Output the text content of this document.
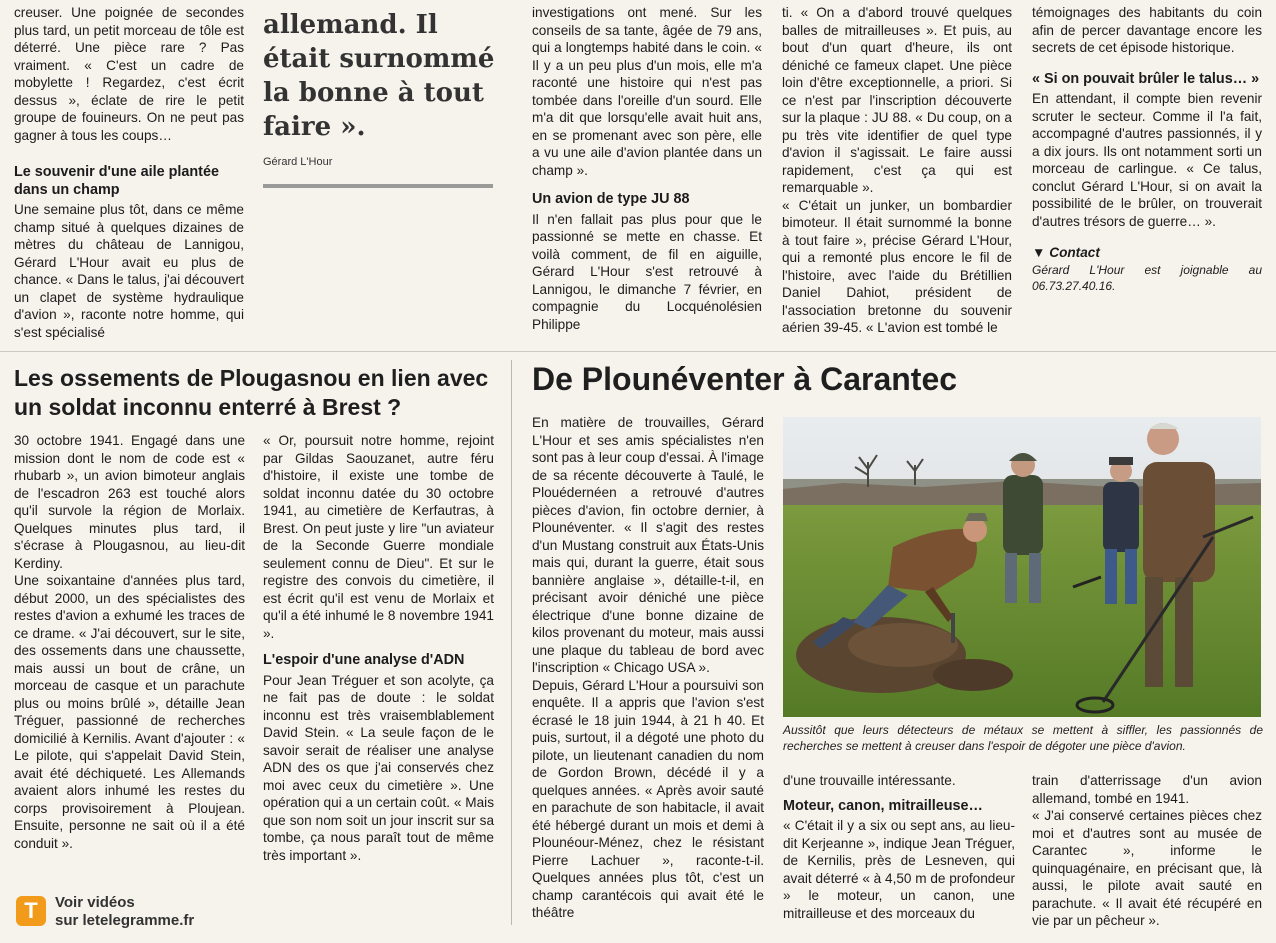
creuser. Une poignée de secondes plus tard, un petit morceau de tôle est déterré. Une pièce rare ? Pas vraiment. « C'est un cadre de mobylette ! Regardez, c'est écrit dessus », éclate de rire le petit groupe de fouineurs. On ne peut pas gagner à tous les coups…

Le souvenir d'une aile plantée dans un champ

Une semaine plus tôt, dans ce même champ situé à quelques dizaines de mètres du château de Lannigou, Gérard L'Hour avait eu plus de chance. « Dans le talus, j'ai découvert un clapet de système hydraulique d'avion », raconte notre homme, qui s'est spécialisé

allemand. Il était surnommé la bonne à tout faire ».
Gérard L'Hour

investigations ont mené. Sur les conseils de sa tante, âgée de 79 ans, qui a longtemps habité dans le coin. « Il y a un peu plus d'un mois, elle m'a raconté une histoire qui n'est pas tombée dans l'oreille d'un sourd. Elle m'a dit que lorsqu'elle avait huit ans, en se promenant avec son père, elle a vu une aile d'avion plantée dans un champ ».

Un avion de type JU 88

Il n'en fallait pas plus pour que le passionné se mette en chasse. Et voilà comment, de fil en aiguille, Gérard L'Hour s'est retrouvé à Lannigou, le dimanche 7 février, en compagnie du Locquénolésien Philippe

ti. « On a d'abord trouvé quelques balles de mitrailleuses ». Et puis, au bout d'un quart d'heure, ils ont déniché ce fameux clapet. Une pièce loin d'être exceptionnelle, a priori. Si ce n'est par l'inscription découverte sur la plaque : JU 88. « Du coup, on a pu très vite identifier de quel type d'avion il s'agissait. Le faire aussi rapidement, c'est ça qui est remarquable ».

« C'était un junker, un bombardier bimoteur. Il était surnommé la bonne à tout faire », précise Gérard L'Hour, qui a remonté plus encore le fil de l'histoire, avec l'aide du Brétillien Daniel Dahiot, président de l'association bretonne du souvenir aérien 39-45. « L'avion est tombé le

témoignages des habitants du coin afin de percer davantage encore les secrets de cet épisode historique.

« Si on pouvait brûler le talus… »

En attendant, il compte bien revenir scruter le secteur. Comme il l'a fait, accompagné d'autres passionnés, il y a dix jours. Ils ont notamment sorti un morceau de carlingue. « Ce talus, conclut Gérard L'Hour, si on avait la possibilité de le brûler, on trouverait d'autres trésors de guerre… ».

▼ Contact
Gérard L'Hour est joignable au 06.73.27.40.16.
Les ossements de Plougasnou en lien avec un soldat inconnu enterré à Brest ?

30 octobre 1941. Engagé dans une mission dont le nom de code est « rhubarb », un avion bimoteur anglais de l'escadron 263 est touché alors qu'il survole la région de Morlaix. Quelques minutes plus tard, il s'écrase à Plougasnou, au lieu-dit Kerdiny.

Une soixantaine d'années plus tard, début 2000, un des spécialistes des restes d'avion a exhumé les traces de ce drame. « J'ai découvert, sur le site, des ossements dans une chaussette, mais aussi un bout de crâne, un morceau de casque et un parachute plus ou moins brûlé », détaille Jean Tréguer, passionné de recherches domicilié à Kernilis. Avant d'ajouter : « Le pilote, qui s'appelait David Stein, avait été déchiqueté. Les Allemands avaient alors inhumé les restes du corps provisoirement à Ploujean. Ensuite, personne ne sait où il a été conduit ».

« Or, poursuit notre homme, rejoint par Gildas Saouzanet, autre féru d'histoire, il existe une tombe de soldat inconnu datée du 30 octobre 1941, au cimetière de Kerfautras, à Brest. On peut juste y lire "un aviateur de la Seconde Guerre mondiale seulement connu de Dieu". Et sur le registre des convois du cimetière, il est écrit qu'il est venu de Morlaix et qu'il a été inhumé le 8 novembre 1941 ».

L'espoir d'une analyse d'ADN

Pour Jean Tréguer et son acolyte, ça ne fait pas de doute : le soldat inconnu est très vraisemblablement David Stein. « La seule façon de le savoir serait de réaliser une analyse ADN des os que j'ai conservés chez moi avec ceux du cimetière ». Une opération qui a un certain coût. « Mais que son nom soit un jour inscrit sur sa tombe, ça nous paraît tout de même très important ».

De Plounéventer à Carantec

En matière de trouvailles, Gérard L'Hour et ses amis spécialistes n'en sont pas à leur coup d'essai. À l'image de sa récente découverte à Taulé, le Plouédernéen a retrouvé d'autres pièces d'avion, fin octobre dernier, à Plounéventer. « Il s'agit des restes d'un Mustang construit aux États-Unis mais qui, durant la guerre, était sous bannière anglaise », détaille-t-il, en précisant avoir déniché une pièce électrique d'une bonne dizaine de kilos provenant du moteur, mais aussi une plaque du tableau de bord avec l'inscription « Chicago USA ».

Depuis, Gérard L'Hour a poursuivi son enquête. Il a appris que l'avion s'est écrasé le 18 juin 1944, à 21 h 40. Et puis, surtout, il a dégoté une photo du pilote, un lieutenant canadien du nom de Gordon Brown, décédé il y a quelques années. « Après avoir sauté en parachute de son habitacle, il avait été hébergé durant un mois et demi à Plounéour-Ménez, chez le résistant Pierre Lachuer », raconte-t-il. Quelques années plus tôt, c'est un champ carantécois qui avait été le théâtre

Aussitôt que leurs détecteurs de métaux se mettent à siffler, les passionnés de recherches se mettent à creuser dans l'espoir de dégoter une pièce d'avion.

d'une trouvaille intéressante.

Moteur, canon, mitrailleuse…

« C'était il y a six ou sept ans, au lieu-dit Kerjeanne », indique Jean Tréguer, de Kernilis, près de Lesneven, qui avait déterré « à 4,50 m de profondeur » le moteur, un canon, une mitrailleuse et des morceaux du

train d'atterrissage d'un avion allemand, tombé en 1941.

« J'ai conservé certaines pièces chez moi et d'autres sont au musée de Carantec », informe le quinquagénaire, en précisant que, là aussi, le pilote avait sauté en parachute. « Il avait été récupéré en vie par un pêcheur ».

T	Voir vidéos
sur letelegramme.fr
